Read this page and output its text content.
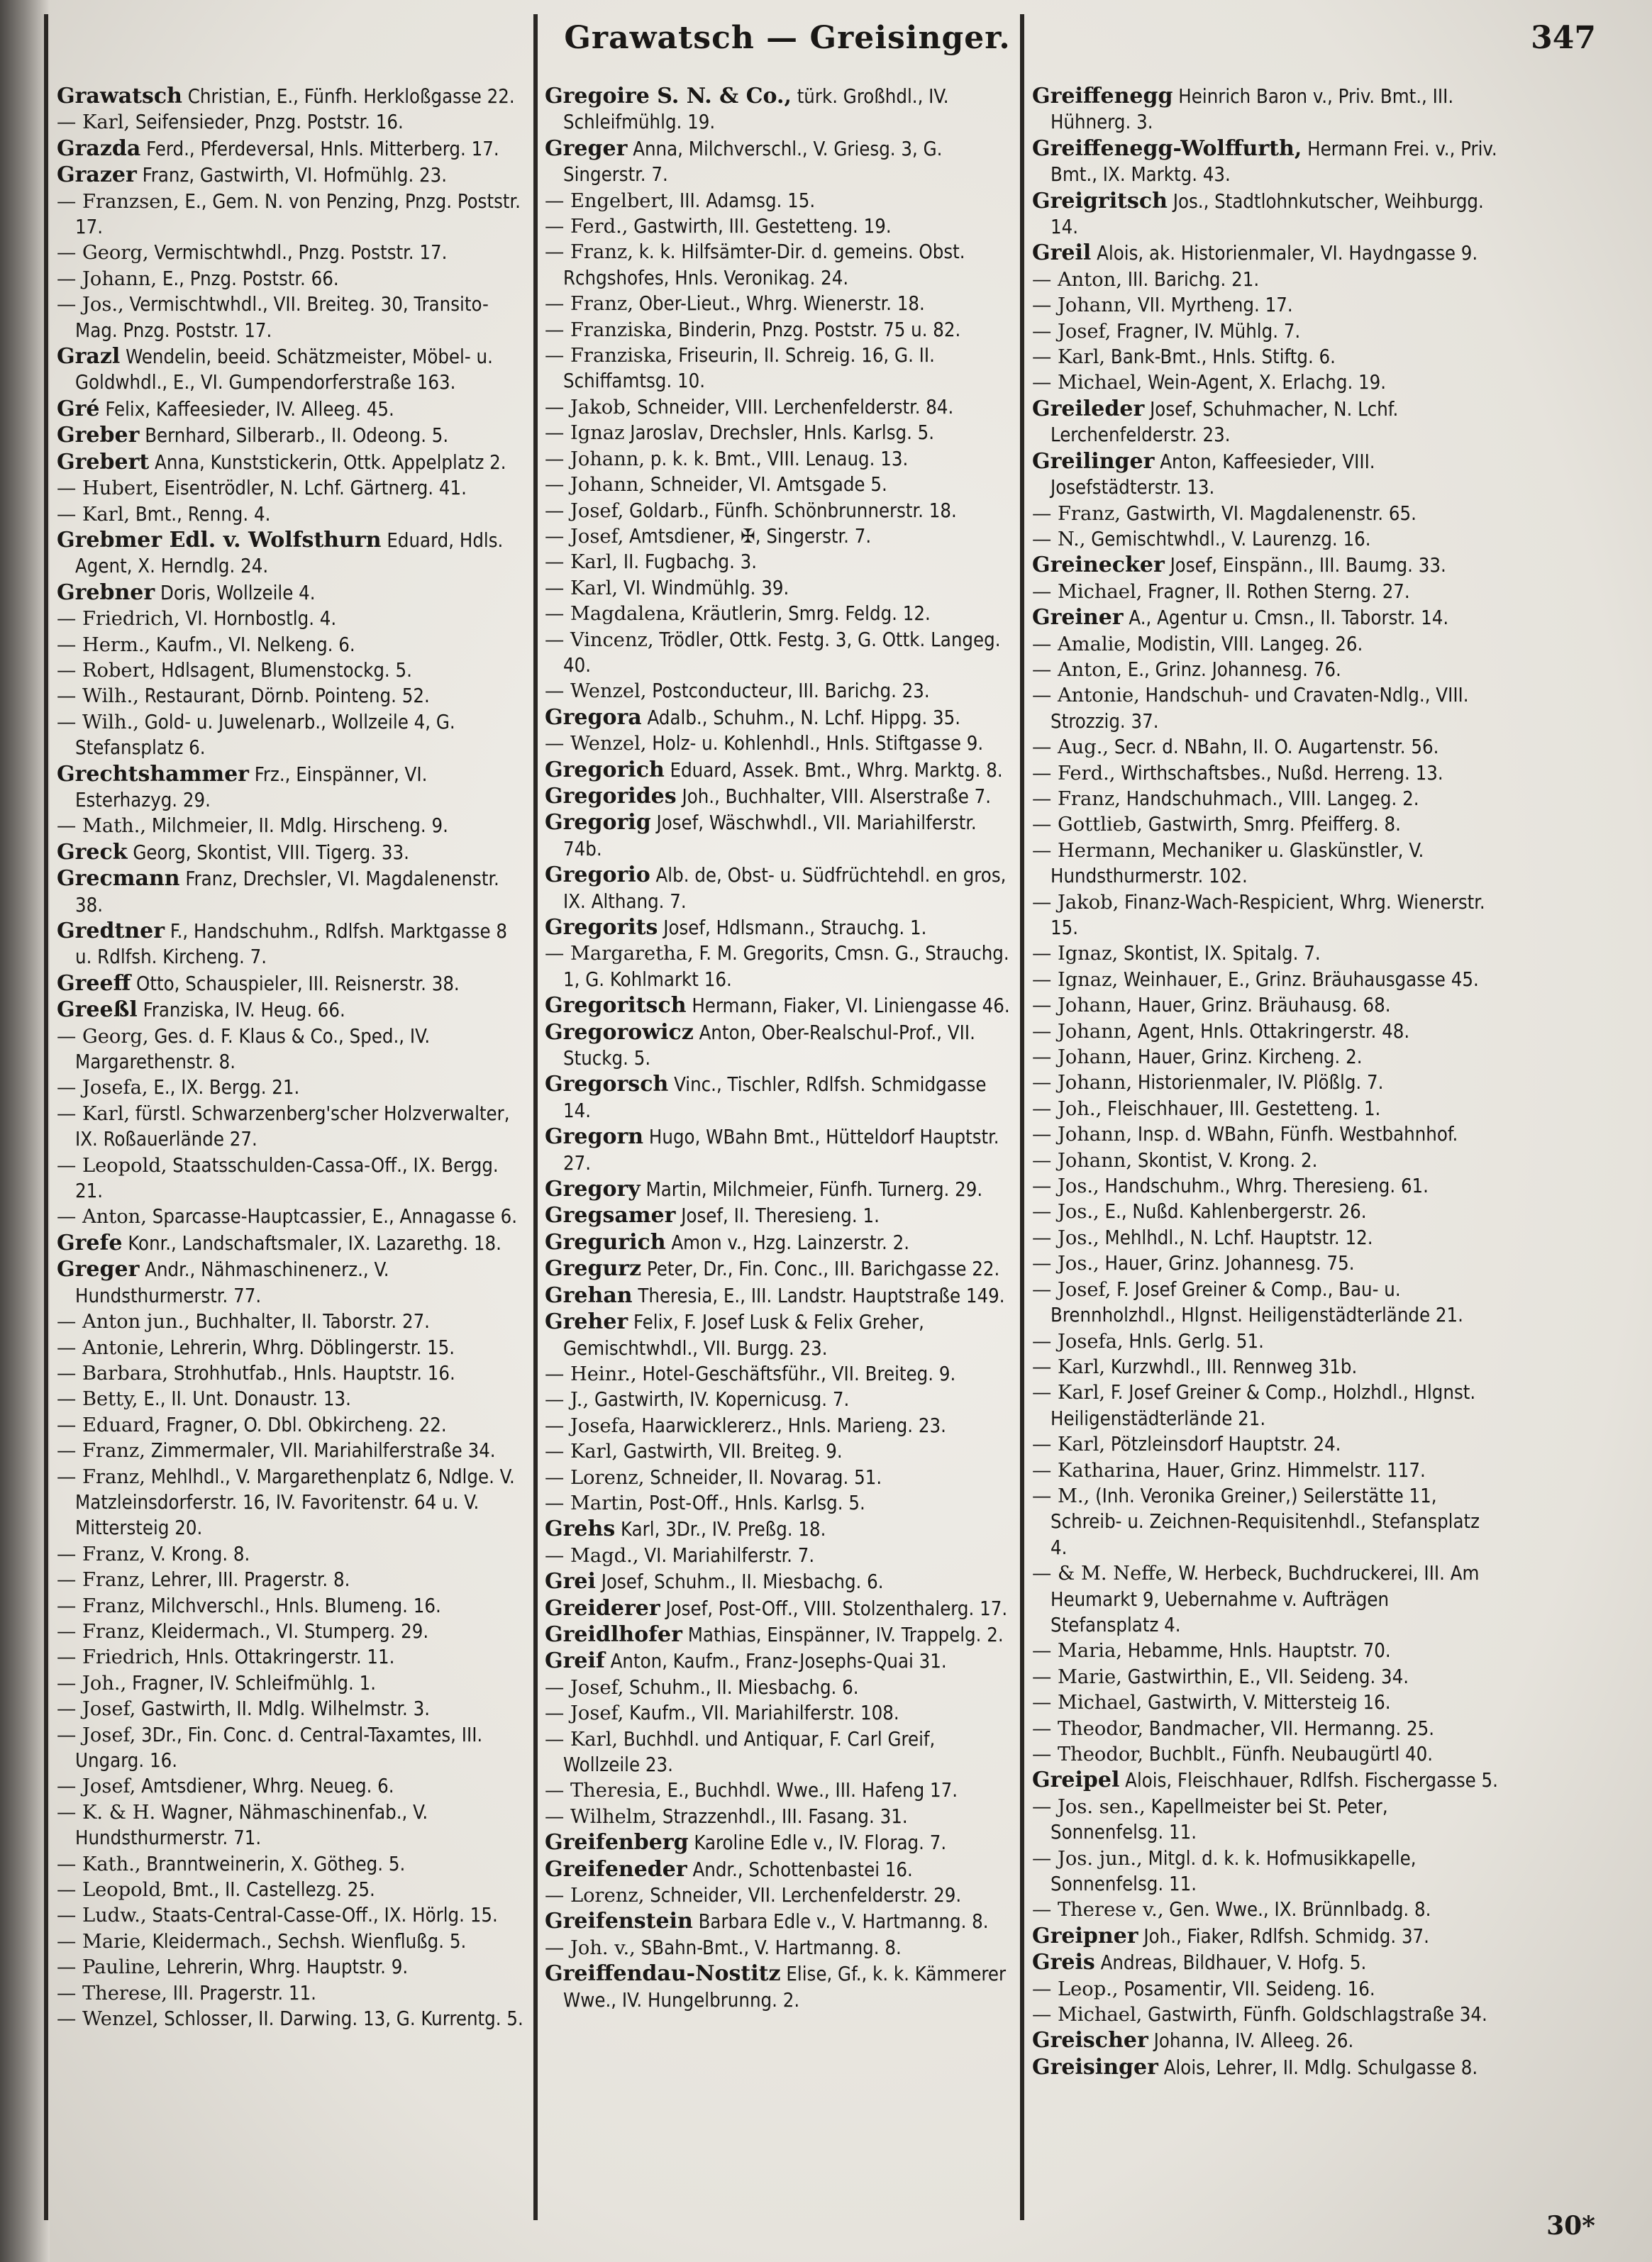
Grawatsch — Greisinger.	347
Grawatsch Christian, E., Fünfh. Herkloßgasse 22.
— Karl, Seifensieder, Pnzg. Poststr. 16.
Grazda Ferd., Pferdeversal, Hnls. Mitterberg. 17.
Grazer Franz, Gastwirth, VI. Hofmühlg. 23.
— Franzsen, E., Gem. N. von Penzing, Pnzg. Poststr. 17.
— Georg, Vermischtwhdl., Pnzg. Poststr. 17.
— Johann, E., Pnzg. Poststr. 66.
— Jos., Vermischtwhdl., VII. Breiteg. 30, Transito-Mag. Pnzg. Poststr. 17.
Grazl Wendelin, beeid. Schätzmeister, Möbel- u. Goldwhdl., E., VI. Gumpendorferstraße 163.
Gré Felix, Kaffeesieder, IV. Alleeg. 45.
Greber Bernhard, Silberarb., II. Odeong. 5.
Grebert Anna, Kunststickerin, Ottk. Appelplatz 2.
— Hubert, Eisentrödler, N. Lchf. Gärtnerg. 41.
— Karl, Bmt., Renng. 4.
Grebmer Edl. v. Wolfsthurn Eduard, Hdls. Agent, X. Herndlg. 24.
Grebner Doris, Wollzeile 4.
— Friedrich, VI. Hornbostlg. 4.
— Herm., Kaufm., VI. Nelkeng. 6.
— Robert, Hdlsagent, Blumenstockg. 5.
— Wilh., Restaurant, Dörnb. Pointeng. 52.
— Wilh., Gold- u. Juwelenarb., Wollzeile 4, G. Stefansplatz 6.
Grechtshammer Frz., Einspänner, VI. Esterhazyg. 29.
— Math., Milchmeier, II. Mdlg. Hirscheng. 9.
Greck Georg, Skontist, VIII. Tigerg. 33.
Grecmann Franz, Drechsler, VI. Magdalenenstr. 38.
Gredtner F., Handschuhm., Rdlfsh. Marktgasse 8 u. Rdlfsh. Kircheng. 7.
Greeff Otto, Schauspieler, III. Reisnerstr. 38.
Greeßl Franziska, IV. Heug. 66.
— Georg, Ges. d. F. Klaus & Co., Sped., IV. Margarethenstr. 8.
— Josefa, E., IX. Bergg. 21.
— Karl, fürstl. Schwarzenberg'scher Holzverwalter, IX. Roßauerlände 27.
— Leopold, Staatsschulden-Cassa-Off., IX. Bergg. 21.
— Anton, Sparcasse-Hauptcassier, E., Annagasse 6.
Grefe Konr., Landschaftsmaler, IX. Lazarethg. 18.
Greger Andr., Nähmaschinenerz., V. Hundsthurmerstr. 77.
— Anton jun., Buchhalter, II. Taborstr. 27.
— Antonie, Lehrerin, Whrg. Döblingerstr. 15.
— Barbara, Strohhutfab., Hnls. Hauptstr. 16.
— Betty, E., II. Unt. Donaustr. 13.
— Eduard, Fragner, O. Dbl. Obkircheng. 22.
— Franz, Zimmermaler, VII. Mariahilferstraße 34.
— Franz, Mehlhdl., V. Margarethenplatz 6, Ndlge. V. Matzleinsdorferstr. 16, IV. Favoritenstr. 64 u. V. Mittersteig 20.
— Franz, V. Krong. 8.
— Franz, Lehrer, III. Pragerstr. 8.
— Franz, Milchverschl., Hnls. Blumeng. 16.
— Franz, Kleidermach., VI. Stumperg. 29.
— Friedrich, Hnls. Ottakringerstr. 11.
— Joh., Fragner, IV. Schleifmühlg. 1.
— Josef, Gastwirth, II. Mdlg. Wilhelmstr. 3.
— Josef, 3Dr., Fin. Conc. d. Central-Taxamtes, III. Ungarg. 16.
— Josef, Amtsdiener, Whrg. Neueg. 6.
— K. & H. Wagner, Nähmaschinenfab., V. Hundsthurmerstr. 71.
— Kath., Branntweinerin, X. Götheg. 5.
— Leopold, Bmt., II. Castellezg. 25.
— Ludw., Staats-Central-Casse-Off., IX. Hörlg. 15.
— Marie, Kleidermach., Sechsh. Wienflußg. 5.
— Pauline, Lehrerin, Whrg. Hauptstr. 9.
— Therese, III. Pragerstr. 11.
— Wenzel, Schlosser, II. Darwing. 13, G. Kurrentg. 5.
Gregoire S. N. & Co., türk. Großhdl., IV. Schleifmühlg. 19.
Greger Anna, Milchverschl., V. Griesg. 3, G. Singerstr. 7.
— Engelbert, III. Adamsg. 15.
— Ferd., Gastwirth, III. Gestetteng. 19.
— Franz, k. k. Hilfsämter-Dir. d. gemeins. Obst. Rchgshofes, Hnls. Veronikag. 24.
— Franz, Ober-Lieut., Whrg. Wienerstr. 18.
— Franziska, Binderin, Pnzg. Poststr. 75 u. 82.
— Franziska, Friseurin, II. Schreig. 16, G. II. Schiffamtsg. 10.
— Jakob, Schneider, VIII. Lerchenfelderstr. 84.
— Ignaz Jaroslav, Drechsler, Hnls. Karlsg. 5.
— Johann, p. k. k. Bmt., VIII. Lenaug. 13.
— Johann, Schneider, VI. Amtsgade 5.
— Josef, Goldarb., Fünfh. Schönbrunnerstr. 18.
— Josef, Amtsdiener, ✠, Singerstr. 7.
— Karl, II. Fugbachg. 3.
— Karl, VI. Windmühlg. 39.
— Magdalena, Kräutlerin, Smrg. Feldg. 12.
— Vincenz, Trödler, Ottk. Festg. 3, G. Ottk. Langeg. 40.
— Wenzel, Postconducteur, III. Barichg. 23.
Gregora Adalb., Schuhm., N. Lchf. Hippg. 35.
— Wenzel, Holz- u. Kohlenhdl., Hnls. Stiftgasse 9.
Gregorich Eduard, Assek. Bmt., Whrg. Marktg. 8.
Gregorides Joh., Buchhalter, VIII. Alserstraße 7.
Gregorig Josef, Wäschwhdl., VII. Mariahilferstr. 74b.
Gregorio Alb. de, Obst- u. Südfrüchtehdl. en gros, IX. Althang. 7.
Gregorits Josef, Hdlsmann., Strauchg. 1.
— Margaretha, F. M. Gregorits, Cmsn. G., Strauchg. 1, G. Kohlmarkt 16.
Gregoritsch Hermann, Fiaker, VI. Liniengasse 46.
Gregorowicz Anton, Ober-Realschul-Prof., VII. Stuckg. 5.
Gregorsch Vinc., Tischler, Rdlfsh. Schmidgasse 14.
Gregorn Hugo, WBahn Bmt., Hütteldorf Hauptstr. 27.
Gregory Martin, Milchmeier, Fünfh. Turnerg. 29.
Gregsamer Josef, II. Theresieng. 1.
Gregurich Amon v., Hzg. Lainzerstr. 2.
Gregurz Peter, Dr., Fin. Conc., III. Barichgasse 22.
Grehan Theresia, E., III. Landstr. Hauptstraße 149.
Greher Felix, F. Josef Lusk & Felix Greher, Gemischtwhdl., VII. Burgg. 23.
— Heinr., Hotel-Geschäftsführ., VII. Breiteg. 9.
— J., Gastwirth, IV. Kopernicusg. 7.
— Josefa, Haarwicklererz., Hnls. Marieng. 23.
— Karl, Gastwirth, VII. Breiteg. 9.
— Lorenz, Schneider, II. Novarag. 51.
— Martin, Post-Off., Hnls. Karlsg. 5.
Grehs Karl, 3Dr., IV. Preßg. 18.
— Magd., VI. Mariahilferstr. 7.
Grei Josef, Schuhm., II. Miesbachg. 6.
Greiderer Josef, Post-Off., VIII. Stolzenthalerg. 17.
Greidlhofer Mathias, Einspänner, IV. Trappelg. 2.
Greif Anton, Kaufm., Franz-Josephs-Quai 31.
— Josef, Schuhm., II. Miesbachg. 6.
— Josef, Kaufm., VII. Mariahilferstr. 108.
— Karl, Buchhdl. und Antiquar, F. Carl Greif, Wollzeile 23.
— Theresia, E., Buchhdl. Wwe., III. Hafeng 17.
— Wilhelm, Strazzenhdl., III. Fasang. 31.
Greifenberg Karoline Edle v., IV. Florag. 7.
Greifeneder Andr., Schottenbastei 16.
— Lorenz, Schneider, VII. Lerchenfelderstr. 29.
Greifenstein Barbara Edle v., V. Hartmanng. 8.
— Joh. v., SBahn-Bmt., V. Hartmanng. 8.
Greiffendau-Nostitz Elise, Gf., k. k. Kämmerer Wwe., IV. Hungelbrunng. 2.
Greiffenegg Heinrich Baron v., Priv. Bmt., III. Hühnerg. 3.
Greiffenegg-Wolffurth, Hermann Frei. v., Priv. Bmt., IX. Marktg. 43.
Greigritsch Jos., Stadtlohnkutscher, Weihburgg. 14.
Greil Alois, ak. Historienmaler, VI. Haydngasse 9.
— Anton, III. Barichg. 21.
— Johann, VII. Myrtheng. 17.
— Josef, Fragner, IV. Mühlg. 7.
— Karl, Bank-Bmt., Hnls. Stiftg. 6.
— Michael, Wein-Agent, X. Erlachg. 19.
Greileder Josef, Schuhmacher, N. Lchf. Lerchenfelderstr. 23.
Greilinger Anton, Kaffeesieder, VIII. Josefstädterstr. 13.
— Franz, Gastwirth, VI. Magdalenenstr. 65.
— N., Gemischtwhdl., V. Laurenzg. 16.
Greinecker Josef, Einspänn., III. Baumg. 33.
— Michael, Fragner, II. Rothen Sterng. 27.
Greiner A., Agentur u. Cmsn., II. Taborstr. 14.
— Amalie, Modistin, VIII. Langeg. 26.
— Anton, E., Grinz. Johannesg. 76.
— Antonie, Handschuh- und Cravaten-Ndlg., VIII. Strozzig. 37.
— Aug., Secr. d. NBahn, II. O. Augartenstr. 56.
— Ferd., Wirthschaftsbes., Nußd. Herreng. 13.
— Franz, Handschuhmach., VIII. Langeg. 2.
— Gottlieb, Gastwirth, Smrg. Pfeifferg. 8.
— Hermann, Mechaniker u. Glaskünstler, V. Hundsthurmerstr. 102.
— Jakob, Finanz-Wach-Respicient, Whrg. Wienerstr. 15.
— Ignaz, Skontist, IX. Spitalg. 7.
— Ignaz, Weinhauer, E., Grinz. Bräuhausgasse 45.
— Johann, Hauer, Grinz. Bräuhausg. 68.
— Johann, Agent, Hnls. Ottakringerstr. 48.
— Johann, Hauer, Grinz. Kircheng. 2.
— Johann, Historienmaler, IV. Plößlg. 7.
— Joh., Fleischhauer, III. Gestetteng. 1.
— Johann, Insp. d. WBahn, Fünfh. Westbahnhof.
— Johann, Skontist, V. Krong. 2.
— Jos., Handschuhm., Whrg. Theresieng. 61.
— Jos., E., Nußd. Kahlenbergerstr. 26.
— Jos., Mehlhdl., N. Lchf. Hauptstr. 12.
— Jos., Hauer, Grinz. Johannesg. 75.
— Josef, F. Josef Greiner & Comp., Bau- u. Brennholzhdl., Hlgnst. Heiligenstädterlände 21.
— Josefa, Hnls. Gerlg. 51.
— Karl, Kurzwhdl., III. Rennweg 31b.
— Karl, F. Josef Greiner & Comp., Holzhdl., Hlgnst. Heiligenstädterlände 21.
— Karl, Pötzleinsdorf Hauptstr. 24.
— Katharina, Hauer, Grinz. Himmelstr. 117.
— M., (Inh. Veronika Greiner,) Seilerstätte 11, Schreib- u. Zeichnen-Requisitenhdl., Stefansplatz 4.
— & M. Neffe, W. Herbeck, Buchdruckerei, III. Am Heumarkt 9, Uebernahme v. Aufträgen Stefansplatz 4.
— Maria, Hebamme, Hnls. Hauptstr. 70.
— Marie, Gastwirthin, E., VII. Seideng. 34.
— Michael, Gastwirth, V. Mittersteig 16.
— Theodor, Bandmacher, VII. Hermanng. 25.
— Theodor, Buchblt., Fünfh. Neubaugürtl 40.
Greipel Alois, Fleischhauer, Rdlfsh. Fischergasse 5.
— Jos. sen., Kapellmeister bei St. Peter, Sonnenfelsg. 11.
— Jos. jun., Mitgl. d. k. k. Hofmusikkapelle, Sonnenfelsg. 11.
— Therese v., Gen. Wwe., IX. Brünnlbadg. 8.
Greipner Joh., Fiaker, Rdlfsh. Schmidg. 37.
Greis Andreas, Bildhauer, V. Hofg. 5.
— Leop., Posamentir, VII. Seideng. 16.
— Michael, Gastwirth, Fünfh. Goldschlagstraße 34.
Greischer Johanna, IV. Alleeg. 26.
Greisinger Alois, Lehrer, II. Mdlg. Schulgasse 8.
30*
